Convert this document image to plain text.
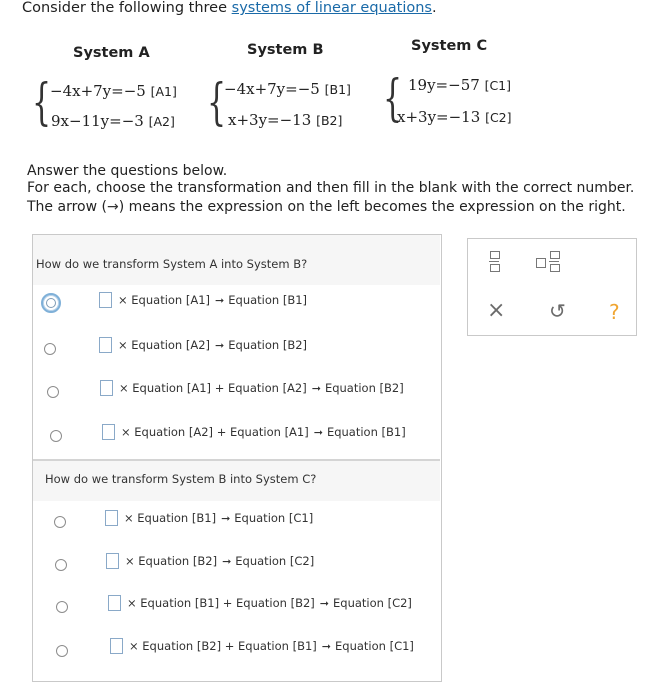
Consider the following three systems of linear equations.
System A
{
−4x+7y=−5 [A1]
9x−11y=−3 [A2]
System B
{
−4x+7y=−5 [B1]
x+3y=−13 [B2]
System C
{ 19y=−57 [C1]
x+3y=−13 [C2]
Answer the questions below.
For each, choose the transformation and then fill in the blank with the correct number.
The arrow (→) means the expression on the left becomes the expression on the right.
How do we transform System A into System B?
× Equation [A1] ➞ Equation [B1]
× Equation [A2] ➞ Equation [B2]
× Equation [A1] + Equation [A2] ➞ Equation [B2]
× Equation [A2] + Equation [A1] ➞ Equation [B1]
How do we transform System B into System C?
× Equation [B1] ➞ Equation [C1]
× Equation [B2] ➞ Equation [C2]
× Equation [B1] + Equation [B2] ➞ Equation [C2]
× Equation [B2] + Equation [B1] ➞ Equation [C1]
× ↺ ?
